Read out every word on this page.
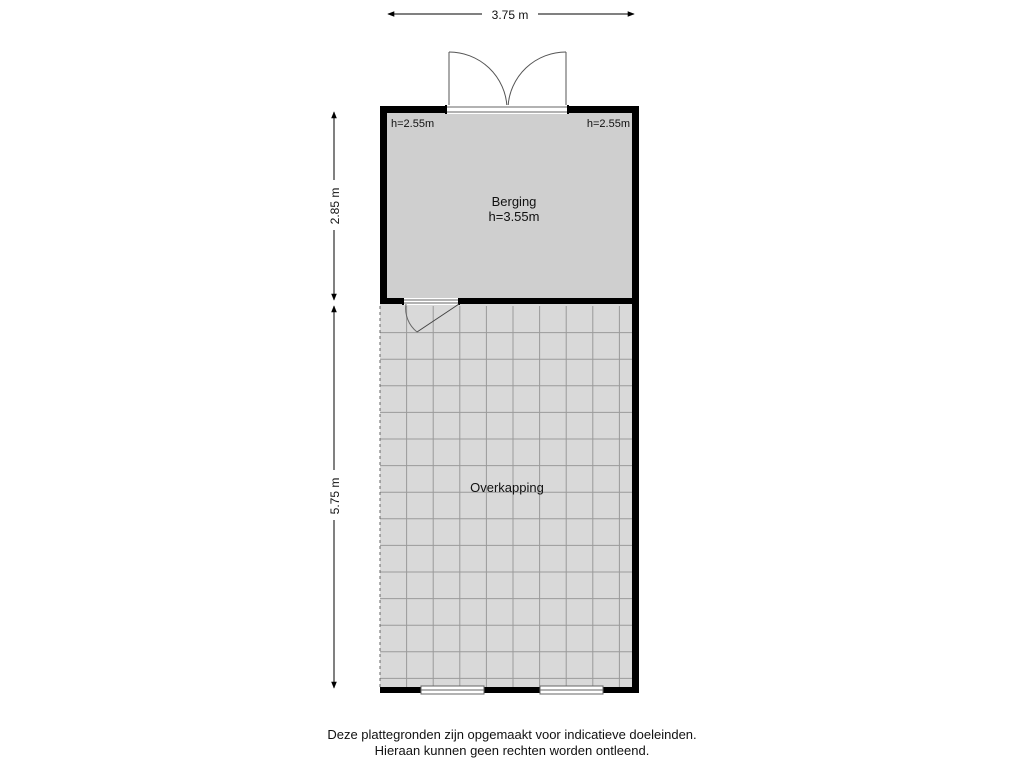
3.75 m
2.85 m
5.75 m
h=2.55m	h=2.55m
Berging
h=3.55m
Overkapping
Deze plattegronden zijn opgemaakt voor indicatieve doeleinden.
Hieraan kunnen geen rechten worden ontleend.
